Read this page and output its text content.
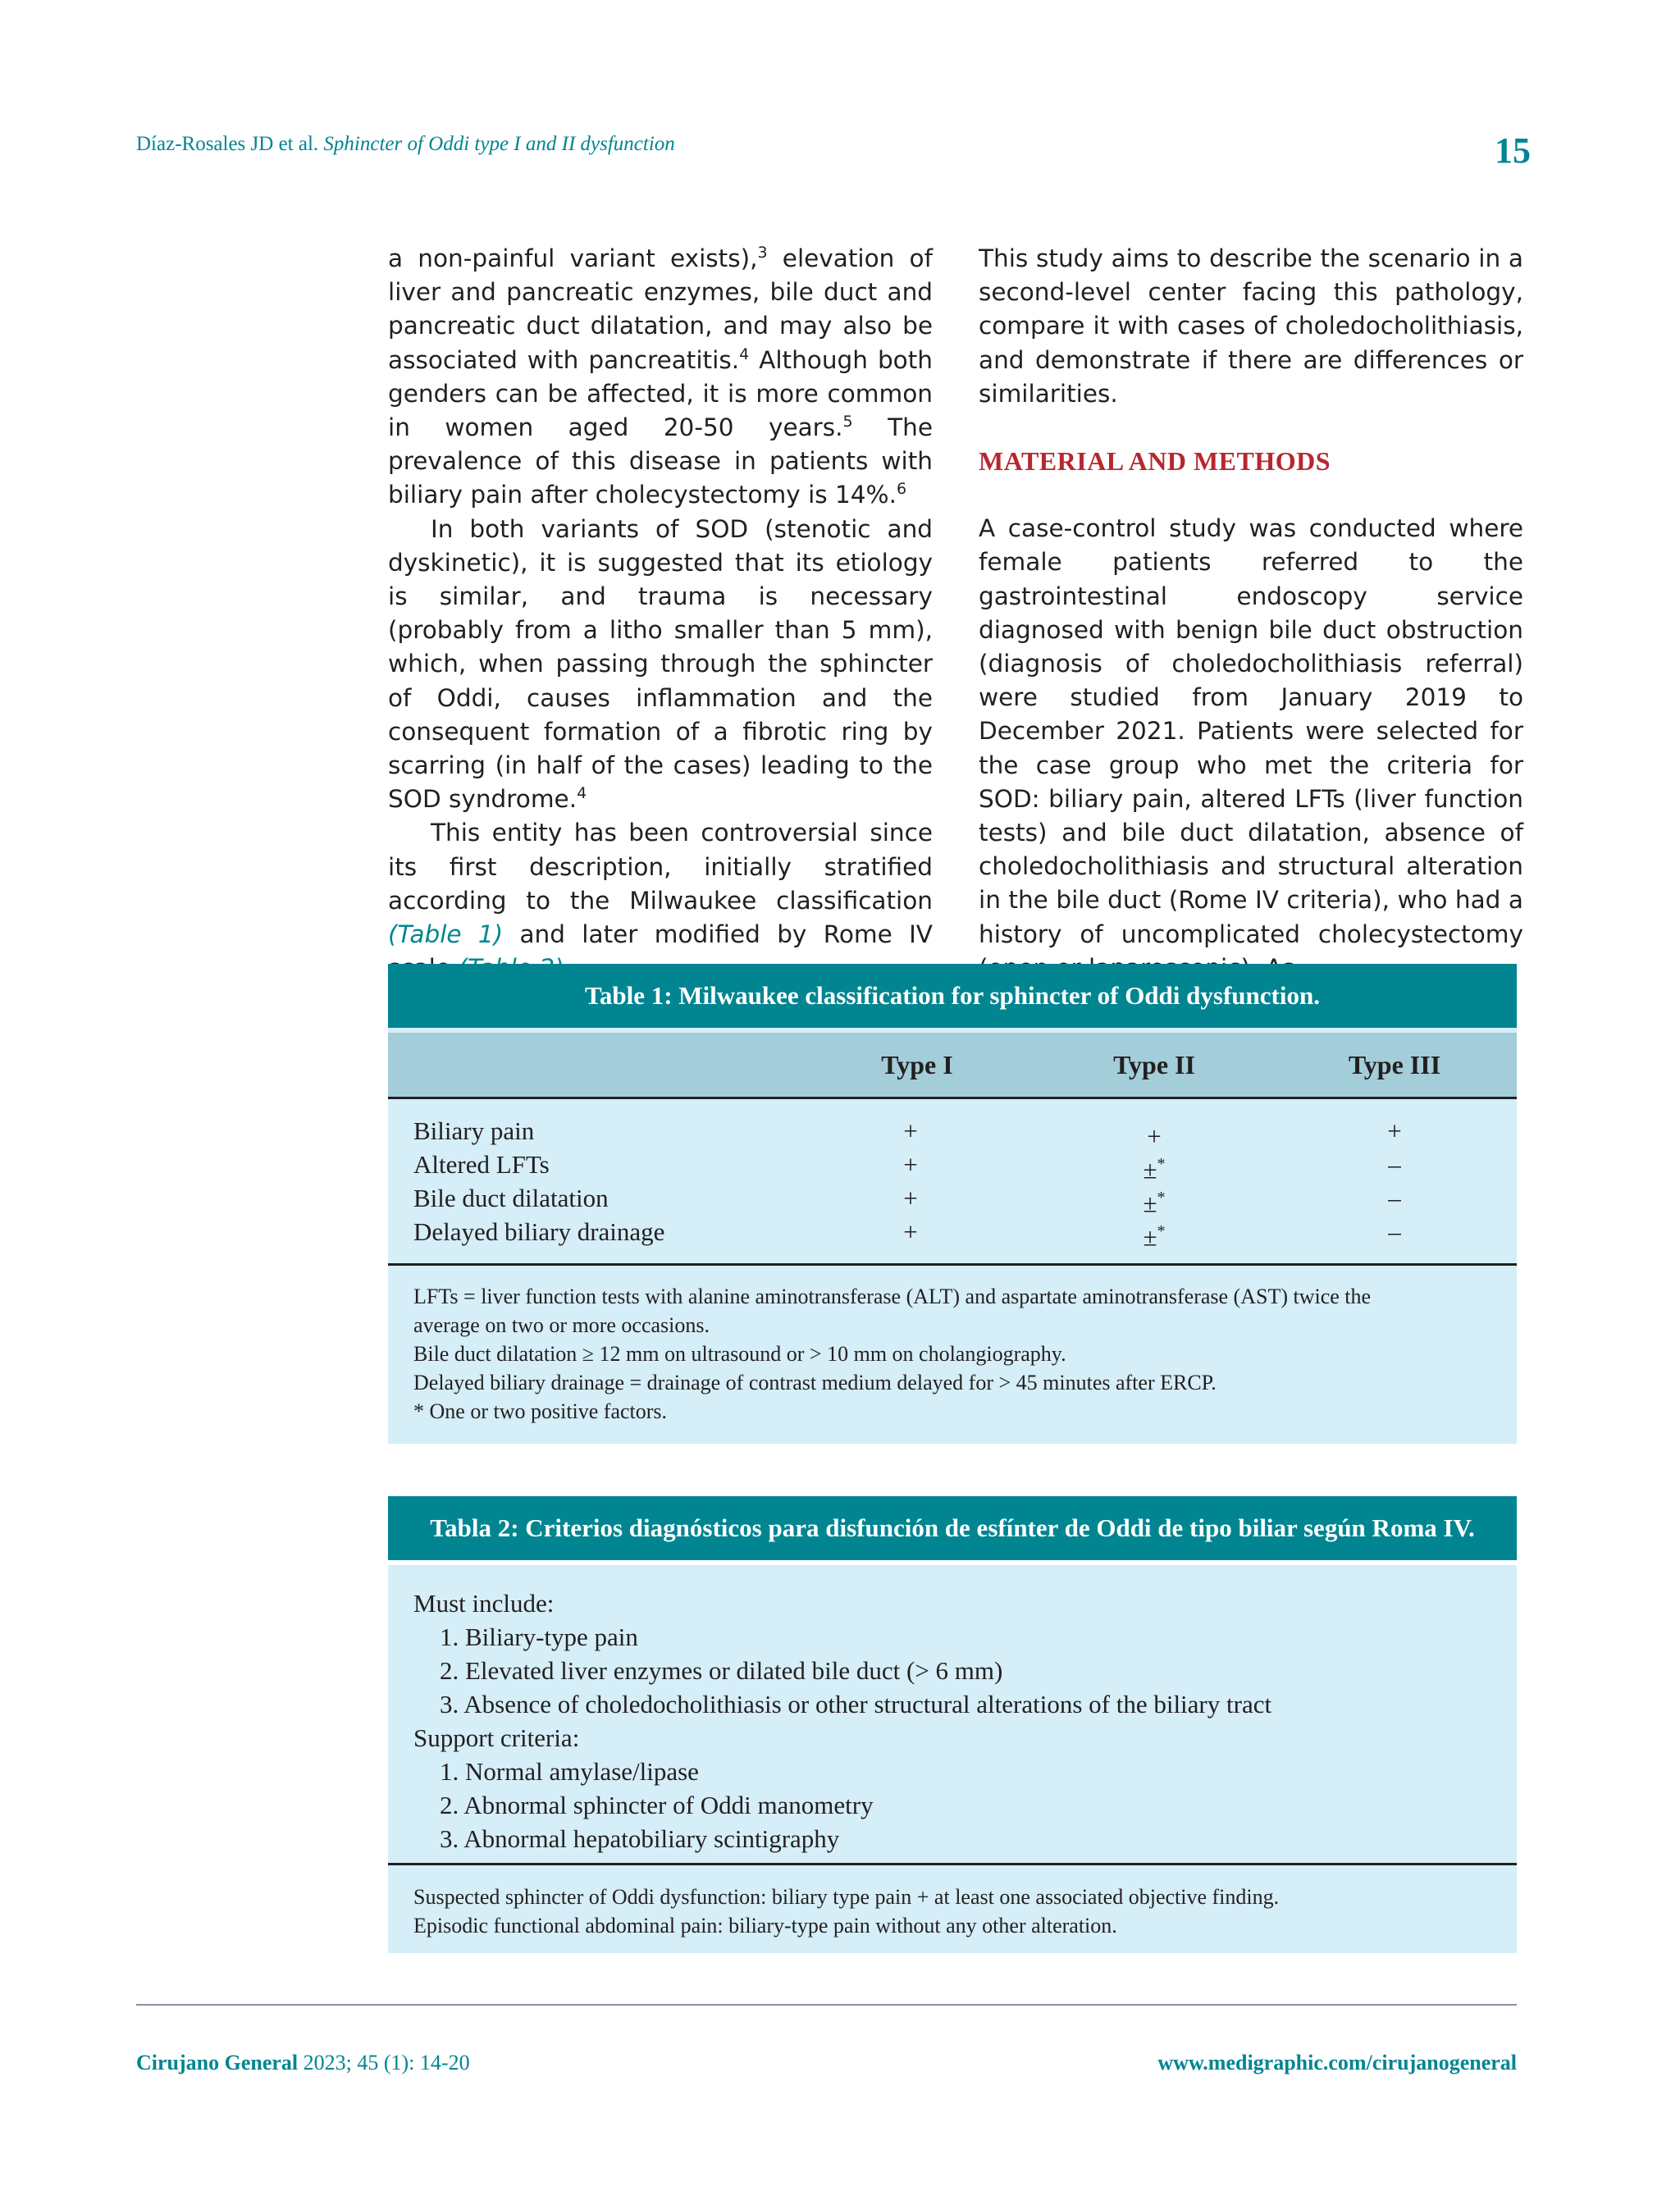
Díaz-Rosales JD et al. Sphincter of Oddi type I and II dysfunction	15

a non-painful variant exists),$^3$ elevation of liver and pancreatic enzymes, bile duct and pancreatic duct dilatation, and may also be associated with pancreatitis.$^4$ Although both genders can be affected, it is more common in women aged 20-50 years.$^5$ The prevalence of this disease in patients with biliary pain after cholecystectomy is 14%.$^6$

In both variants of SOD (stenotic and dyskinetic), it is suggested that its etiology is similar, and trauma is necessary (probably from a litho smaller than 5 mm), which, when passing through the sphincter of Oddi, causes inflammation and the consequent formation of a fibrotic ring by scarring (in half of the cases) leading to the SOD syndrome.$^4$

This entity has been controversial since its first description, initially stratified according to the Milwaukee classification (Table 1) and later modified by Rome IV

This study aims to describe the scenario in a second-level center facing this pathology, compare it with cases of choledocholithiasis, and demonstrate if there are differences or similarities.

MATERIAL AND METHODS

A case-control study was conducted where female patients referred to the gastrointestinal endoscopy service diagnosed with benign bile duct obstruction (diagnosis of choledocholithiasis referral) were studied from January 2019 to December 2021. Patients were selected for the case group who met the criteria for SOD: biliary pain, altered LFTs (liver function tests) and bile duct dilatation, absence of choledocholithiasis and structural alteration in the bile duct (Rome IV criteria), who had a history of uncomplicated cholecystectomy

Table 1: Milwaukee classification for sphincter of Oddi dysfunction.
Type I	Type II	Type III
Biliary pain	+	+	+
Altered LFTs	+	±*	–
Bile duct dilatation	+	±*	–
Delayed biliary drainage	+	±*	–
LFTs = liver function tests with alanine aminotransferase (ALT) and aspartate aminotransferase (AST) twice the
average on two or more occasions.
Bile duct dilatation ≥ 12 mm on ultrasound or > 10 mm on cholangiography.
Delayed biliary drainage = drainage of contrast medium delayed for > 45 minutes after ERCP.
* One or two positive factors.
Tabla 2: Criterios diagnósticos para disfunción de esfínter de Oddi de tipo biliar según Roma IV.
Must include:
1. Biliary-type pain
2. Elevated liver enzymes or dilated bile duct (> 6 mm)
3. Absence of choledocholithiasis or other structural alterations of the biliary tract
Support criteria:
1. Normal amylase/lipase
2. Abnormal sphincter of Oddi manometry
3. Abnormal hepatobiliary scintigraphy
Suspected sphincter of Oddi dysfunction: biliary type pain + at least one associated objective finding.
Episodic functional abdominal pain: biliary-type pain without any other alteration.
Cirujano General 2023; 45 (1): 14-20	www.medigraphic.com/cirujanogeneral
